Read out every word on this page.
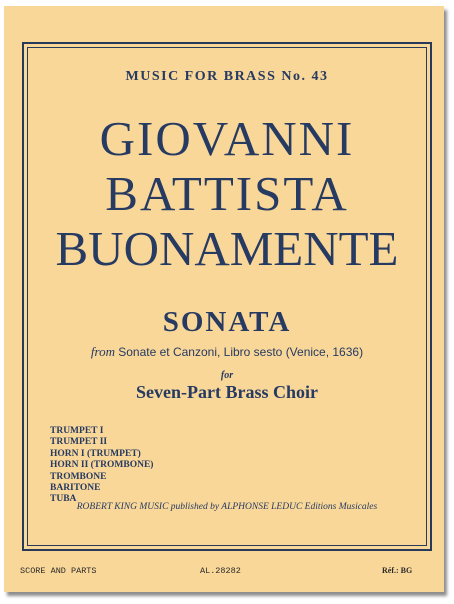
MUSIC FOR BRASS No. 43
GIOVANNI
BATTISTA
BUONAMENTE
SONATA
from Sonate et Canzoni, Libro sesto (Venice, 1636)
for
Seven-Part Brass Choir
TRUMPET I
TRUMPET II
HORN I (TRUMPET)
HORN II (TROMBONE)
TROMBONE
BARITONE
TUBA
ROBERT KING MUSIC published by ALPHONSE LEDUC Editions Musicales
SCORE AND PARTS	AL.28282	Réf.: BG
